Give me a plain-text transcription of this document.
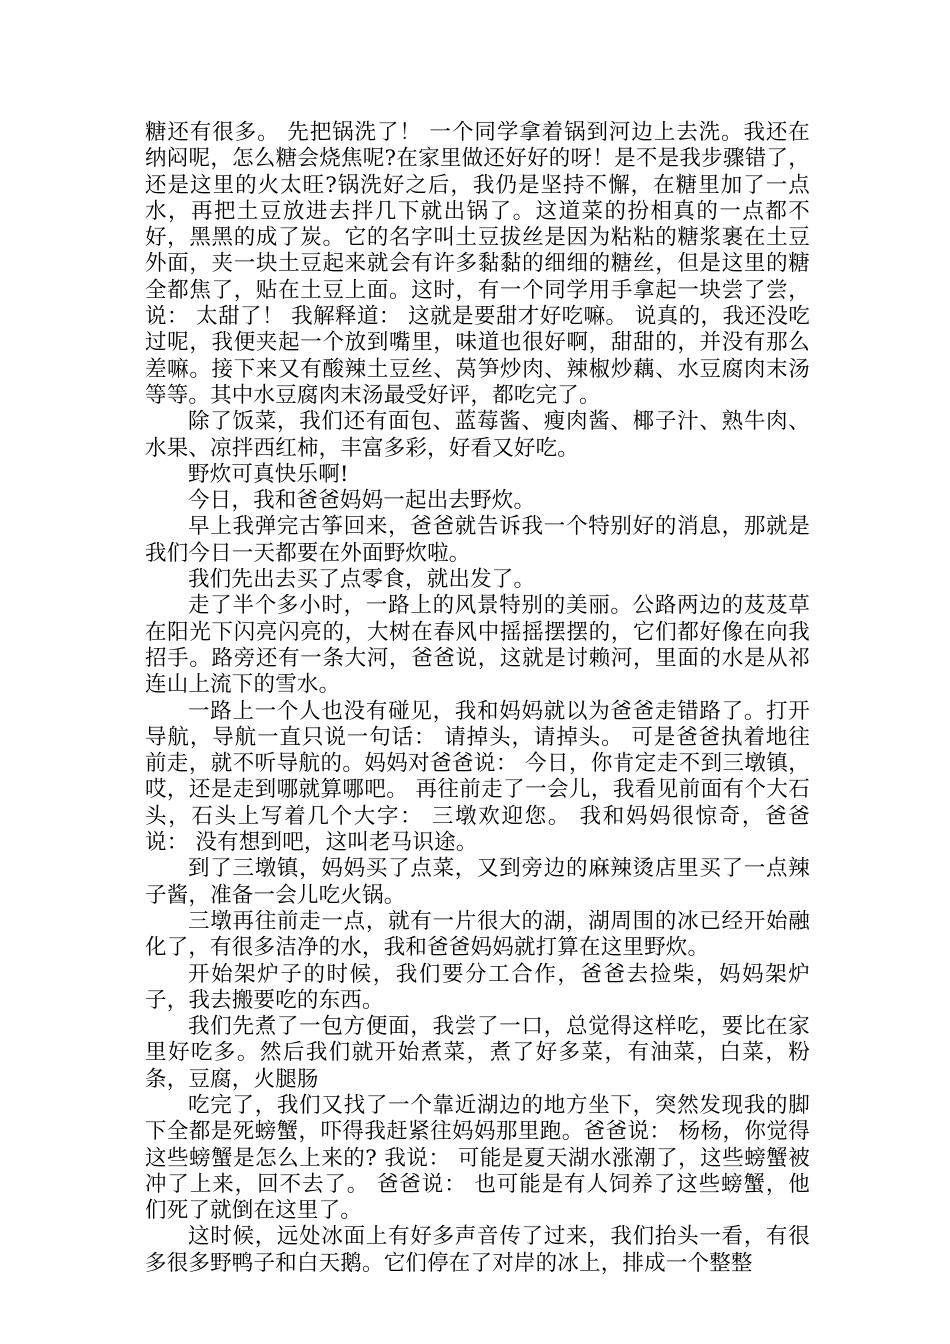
糖还有很多。 先把锅洗了！ 一个同学拿着锅到河边上去洗。我还在纳闷呢，怎么糖会烧焦呢?在家里做还好好的呀！是不是我步骤错了，还是这里的火太旺?锅洗好之后，我仍是坚持不懈，在糖里加了一点水，再把土豆放进去拌几下就出锅了。这道菜的扮相真的一点都不好，黑黑的成了炭。它的名字叫土豆拔丝是因为粘粘的糖浆裹在土豆外面，夹一块土豆起来就会有许多黏黏的细细的糖丝，但是这里的糖全都焦了，贴在土豆上面。这时，有一个同学用手拿起一块尝了尝，说： 太甜了！ 我解释道： 这就是要甜才好吃嘛。 说真的，我还没吃过呢，我便夹起一个放到嘴里，味道也很好啊，甜甜的，并没有那么差嘛。接下来又有酸辣土豆丝、莴笋炒肉、辣椒炒藕、水豆腐肉末汤等等。其中水豆腐肉末汤最受好评，都吃完了。

除了饭菜，我们还有面包、蓝莓酱、瘦肉酱、椰子汁、熟牛肉、水果、凉拌西红柿，丰富多彩，好看又好吃。

野炊可真快乐啊!

今日，我和爸爸妈妈一起出去野炊。

早上我弹完古筝回来，爸爸就告诉我一个特别好的消息，那就是我们今日一天都要在外面野炊啦。

我们先出去买了点零食，就出发了。

走了半个多小时，一路上的风景特别的美丽。公路两边的芨芨草在阳光下闪亮闪亮的，大树在春风中摇摇摆摆的，它们都好像在向我招手。路旁还有一条大河，爸爸说，这就是讨赖河，里面的水是从祁连山上流下的雪水。

一路上一个人也没有碰见，我和妈妈就以为爸爸走错路了。打开导航，导航一直只说一句话： 请掉头，请掉头。 可是爸爸执着地往前走，就不听导航的。妈妈对爸爸说： 今日，你肯定走不到三墩镇，哎，还是走到哪就算哪吧。 再往前走了一会儿，我看见前面有个大石头，石头上写着几个大字： 三墩欢迎您。 我和妈妈很惊奇，爸爸说： 没有想到吧，这叫老马识途。

到了三墩镇，妈妈买了点菜，又到旁边的麻辣烫店里买了一点辣子酱，准备一会儿吃火锅。

三墩再往前走一点，就有一片很大的湖，湖周围的冰已经开始融化了，有很多洁净的水，我和爸爸妈妈就打算在这里野炊。

开始架炉子的时候，我们要分工合作，爸爸去捡柴，妈妈架炉子，我去搬要吃的东西。

我们先煮了一包方便面，我尝了一口，总觉得这样吃，要比在家里好吃多。然后我们就开始煮菜，煮了好多菜，有油菜，白菜，粉条，豆腐，火腿肠

吃完了，我们又找了一个靠近湖边的地方坐下，突然发现我的脚下全都是死螃蟹，吓得我赶紧往妈妈那里跑。爸爸说： 杨杨，你觉得这些螃蟹是怎么上来的? 我说： 可能是夏天湖水涨潮了，这些螃蟹被冲了上来，回不去了。 爸爸说： 也可能是有人饲养了这些螃蟹，他们死了就倒在这里了。

这时候，远处冰面上有好多声音传了过来，我们抬头一看，有很多很多野鸭子和白天鹅。它们停在了对岸的冰上，排成一个整整
